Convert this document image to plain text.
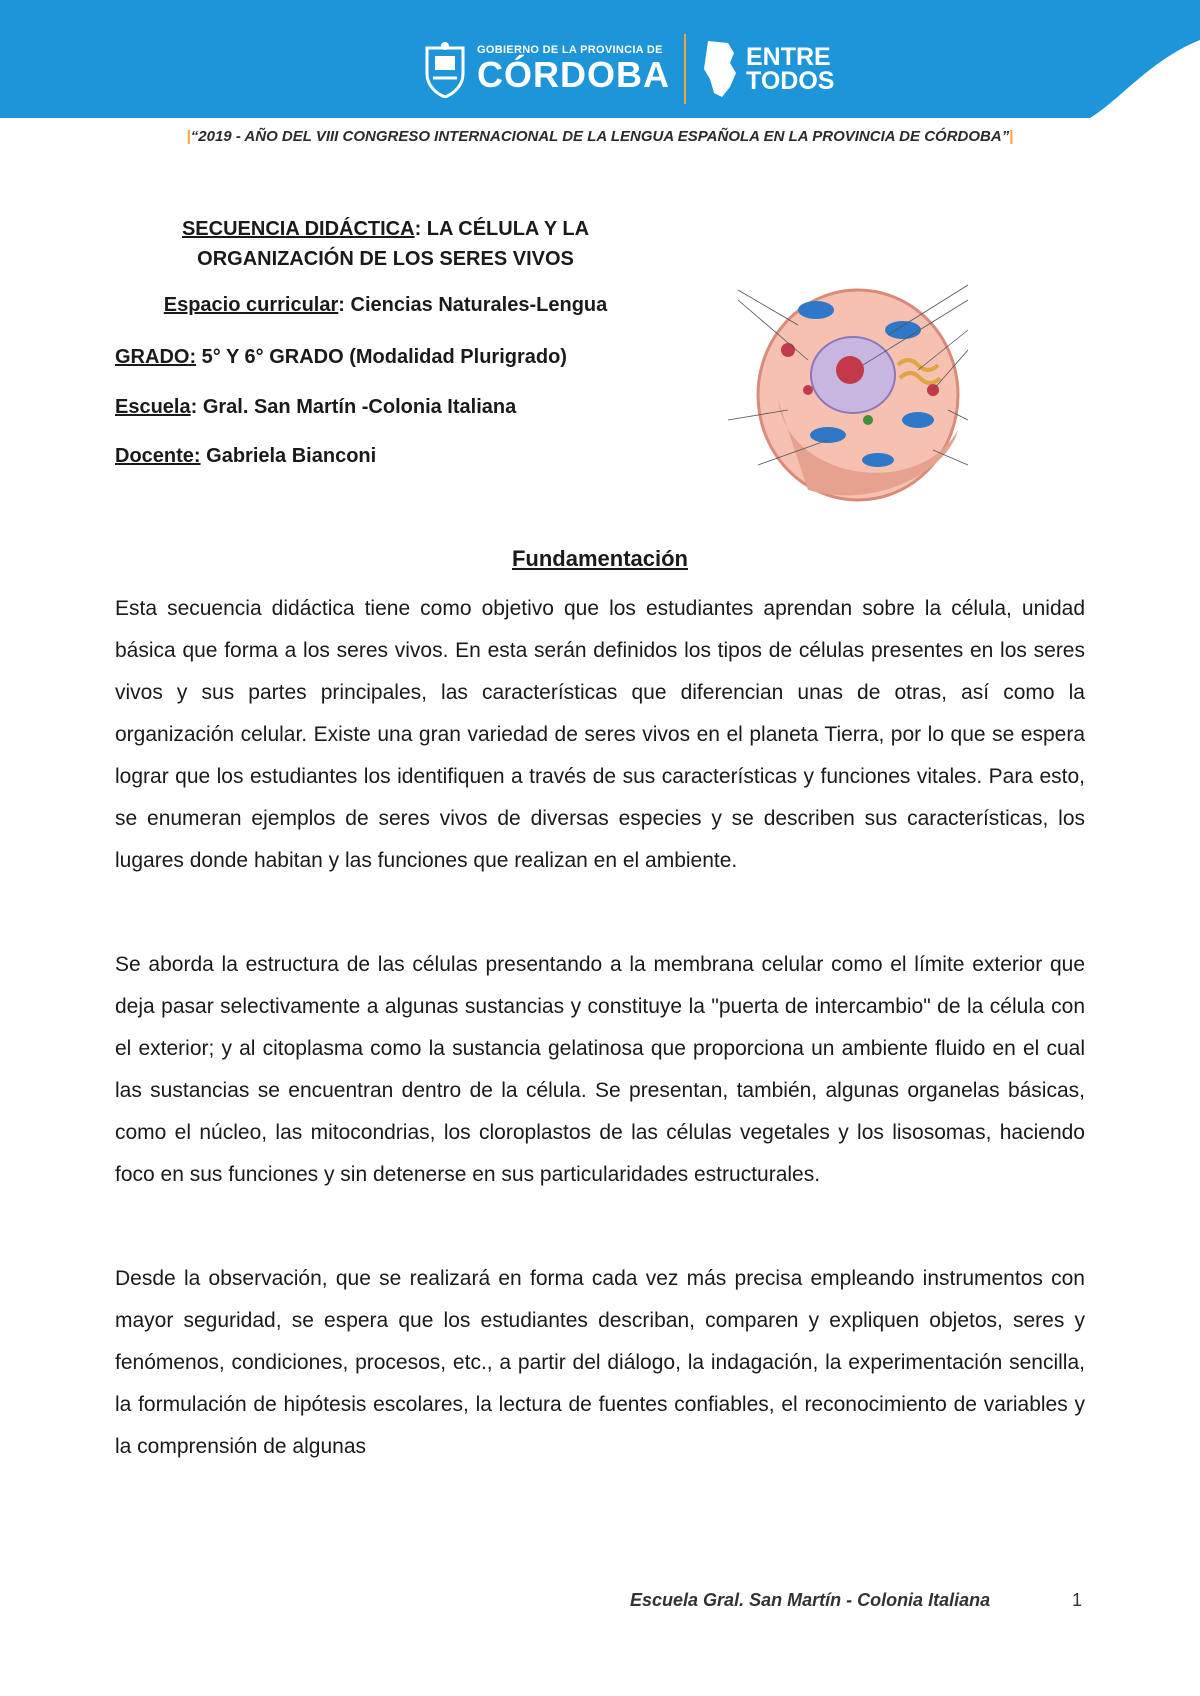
GOBIERNO DE LA PROVINCIA DE
CÓRDOBA	ENTRE
TODOS
|“2019 - AÑO DEL VIII CONGRESO INTERNACIONAL DE LA LENGUA ESPAÑOLA EN LA PROVINCIA DE CÓRDOBA”|
SECUENCIA DIDÁCTICA: LA CÉLULA Y LA
ORGANIZACIÓN DE LOS SERES VIVOS
Espacio curricular: Ciencias Naturales-Lengua
GRADO: 5° Y 6° GRADO (Modalidad Plurigrado)
Escuela: Gral. San Martín -Colonia Italiana
Docente: Gabriela Bianconi
Fundamentación

Esta secuencia didáctica tiene como objetivo que los estudiantes aprendan sobre la célula, unidad básica que forma a los seres vivos. En esta serán definidos los tipos de células presentes en los seres vivos y sus partes principales, las características que diferencian unas de otras, así como la organización celular. Existe una gran variedad de seres vivos en el planeta Tierra, por lo que se espera lograr que los estudiantes los identifiquen a través de sus características y funciones vitales. Para esto, se enumeran ejemplos de seres vivos de diversas especies y se describen sus características, los lugares donde habitan y las funciones que realizan en el ambiente.

Se aborda la estructura de las células presentando a la membrana celular como el límite exterior que deja pasar selectivamente a algunas sustancias y constituye la "puerta de intercambio" de la célula con el exterior; y al citoplasma como la sustancia gelatinosa que proporciona un ambiente fluido en el cual las sustancias se encuentran dentro de la célula. Se presentan, también, algunas organelas básicas, como el núcleo, las mitocondrias, los cloroplastos de las células vegetales y los lisosomas, haciendo foco en sus funciones y sin detenerse en sus particularidades estructurales.

Desde la observación, que se realizará en forma cada vez más precisa empleando instrumentos con mayor seguridad, se espera que los estudiantes describan, comparen y expliquen objetos, seres y fenómenos, condiciones, procesos, etc., a partir del diálogo, la indagación, la experimentación sencilla, la formulación de hipótesis escolares, la lectura de fuentes confiables, el reconocimiento de variables y la comprensión de algunas

Escuela Gral. San Martín - Colonia Italiana	1
